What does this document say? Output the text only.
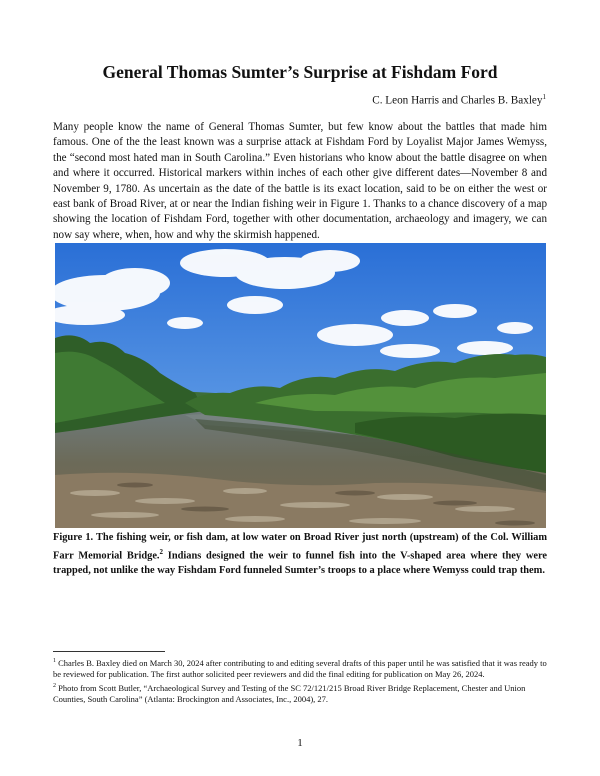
General Thomas Sumter’s Surprise at Fishdam Ford
C. Leon Harris and Charles B. Baxley$^1$

Many people know the name of General Thomas Sumter, but few know about the battles that made him famous. One of the the least known was a surprise attack at Fishdam Ford by Loyalist Major James Wemyss, the “second most hated man in South Carolina.” Even historians who know about the battle disagree on when and where it occurred. Historical markers within inches of each other give different dates—November 8 and November 9, 1780. As uncertain as the date of the battle is its exact location, said to be on either the west or east bank of Broad River, at or near the Indian fishing weir in Figure 1. Thanks to a chance discovery of a map showing the location of Fishdam Ford, together with other documentation, archaeology and imagery, we can now say where, when, how and why the skirmish happened.

Figure 1. The fishing weir, or fish dam, at low water on Broad River just north (upstream) of the Col. William Farr Memorial Bridge.$^2$ Indians designed the weir to funnel fish into the V-shaped area where they were trapped, not unlike the way Fishdam Ford funneled Sumter’s troops to a place where Wemyss could trap them.

$^1$ Charles B. Baxley died on March 30, 2024 after contributing to and editing several drafts of this paper until he was satisfied that it was ready to be reviewed for publication. The first author solicited peer reviewers and did the final editing for publication on May 26, 2024.

$^2$ Photo from Scott Butler, “Archaeological Survey and Testing of the SC 72/121/215 Broad River Bridge Replacement, Chester and Union Counties, South Carolina” (Atlanta: Brockington and Associates, Inc., 2004), 27.

1
